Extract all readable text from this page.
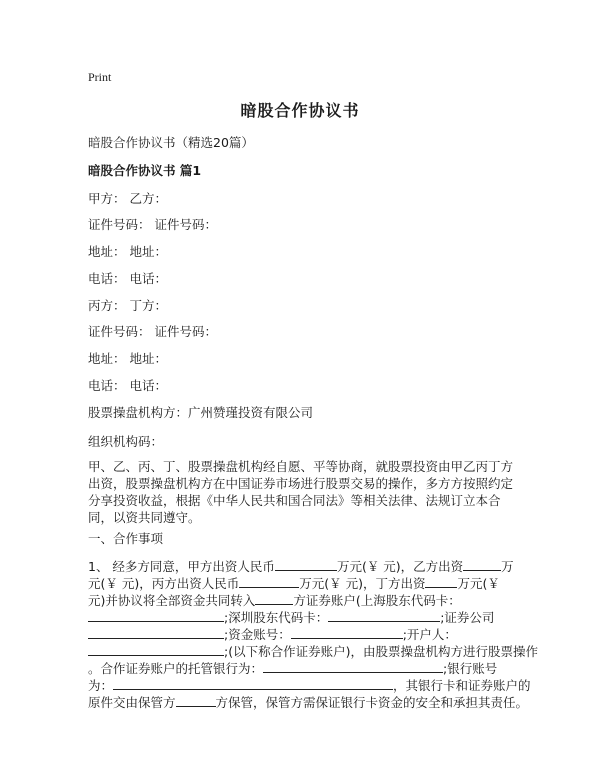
Print
暗股合作协议书
暗股合作协议书（精选20篇）
暗股合作协议书 篇1
甲方： 乙方：
证件号码： 证件号码：
地址： 地址：
电话： 电话：
丙方： 丁方：
证件号码： 证件号码：
地址： 地址：
电话： 电话：
股票操盘机构方：广州赞瑾投资有限公司
组织机构码：
甲、乙、丙、丁、股票操盘机构经自愿、平等协商，就股票投资由甲乙丙丁方出资，股票操盘机构方在中国证券市场进行股票交易的操作，多方方按照约定分享投资收益，根据《中华人民共和国合同法》等相关法律、法规订立本合同，以资共同遵守。
一、合作事项
1、 经多方同意，甲方出资人民币	万元(￥ 元)，乙方出资	万
元(￥ 元)，丙方出资人民币	万元(￥ 元)，丁方出资	万元(￥
元)并协议将全部资金共同转入	方证券账户(上海股东代码卡：
;深圳股东代码卡：	;证券公司
;资金账号：	;开户人：
;(以下称合作证券账户)，由股票操盘机构方进行股票操作
。合作证券账户的托管银行为：	;银行账号
为：	，其银行卡和证券账户的
原件交由保管方	方保管，保管方需保证银行卡资金的安全和承担其责任。
